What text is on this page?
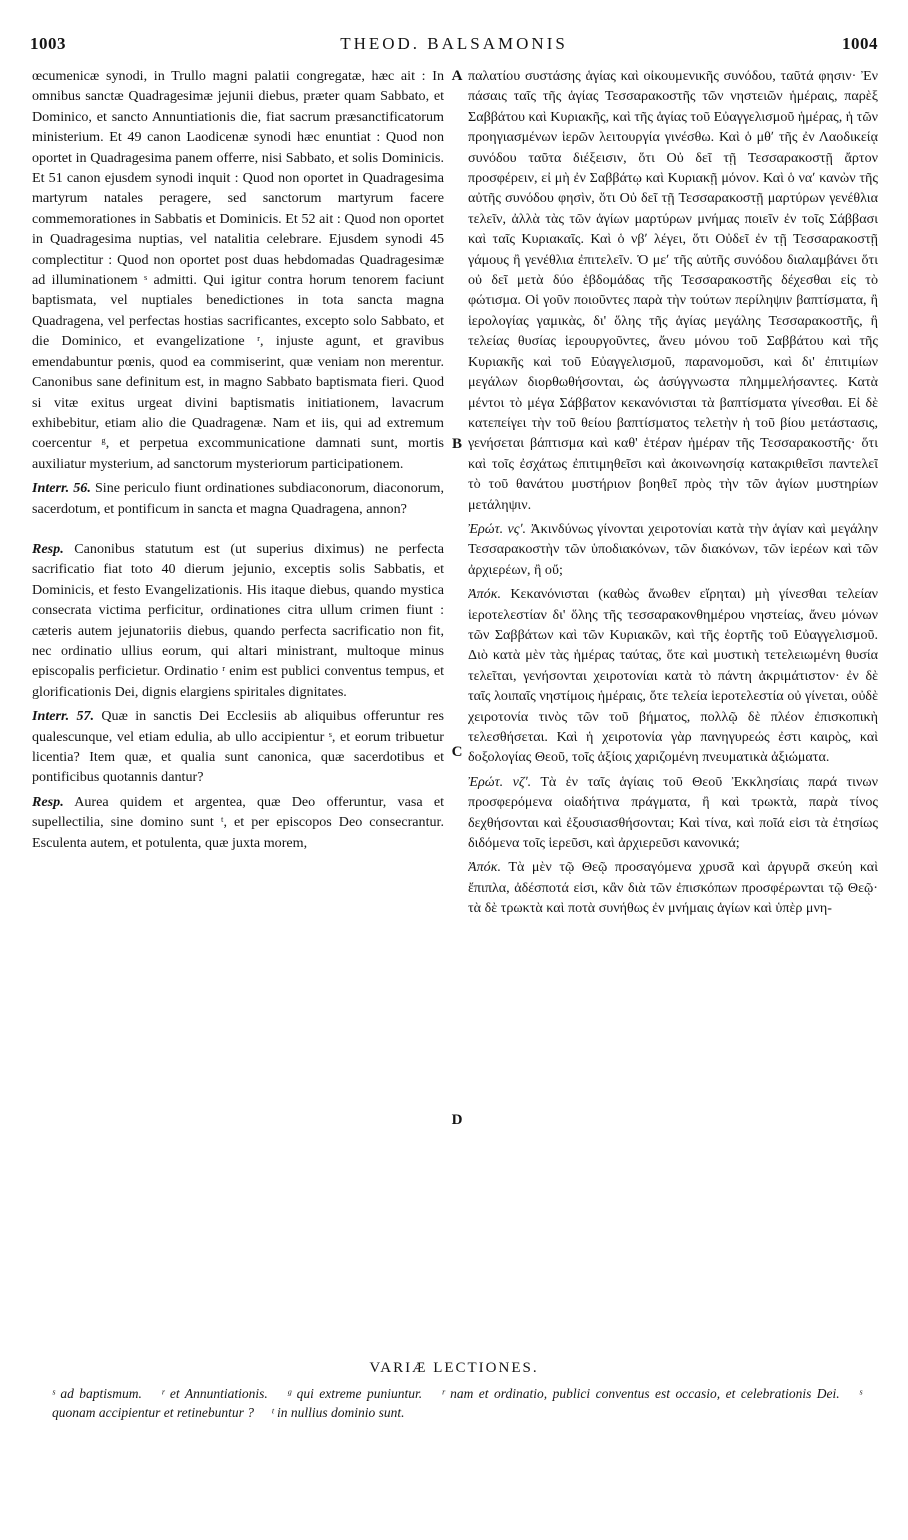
1003	THEOD. BALSAMONIS	1004

œcumenicæ synodi, in Trullo magni palatii congregatæ, hæc ait : In omnibus sanctæ Quadragesimæ jejunii diebus, præter quam Sabbato, et Dominico, et sancto Annuntiationis die, fiat sacrum præsanctificatorum ministerium. Et 49 canon Laodicenæ synodi hæc enuntiat : Quod non oportet in Quadragesima panem offerre, nisi Sabbato, et solis Dominicis. Et 51 canon ejusdem synodi inquit : Quod non oportet in Quadragesima martyrum natales peragere, sed sanctorum martyrum facere commemorationes in Sabbatis et Dominicis. Et 52 ait : Quod non oportet in Quadragesima nuptias, vel natalitia celebrare. Ejusdem synodi 45 complectitur : Quod non oportet post duas hebdomadas Quadragesimæ ad illuminationem ˢ admitti. Qui igitur contra horum tenorem faciunt baptismata, vel nuptiales benedictiones in tota sancta magna Quadragena, vel perfectas hostias sacrificantes, excepto solo Sabbato, et die Dominico, et evangelizatione ʳ, injuste agunt, et gravibus emendabuntur pœnis, quod ea commiserint, quæ veniam non merentur. Canonibus sane definitum est, in magno Sabbato baptismata fieri. Quod si vitæ exitus urgeat divini baptismatis initiationem, lavacrum exhibebitur, etiam alio die Quadragenæ. Nam et iis, qui ad extremum coercentur ᵍ, et perpetua excommunicatione damnati sunt, mortis auxiliatur mysterium, ad sanctorum mysteriorum participationem.

Interr. 56. Sine periculo fiunt ordinationes subdiaconorum, diaconorum, sacerdotum, et pontificum in sancta et magna Quadragena, annon?

Resp. Canonibus statutum est (ut superius diximus) ne perfecta sacrificatio fiat toto 40 dierum jejunio, exceptis solis Sabbatis, et Dominicis, et festo Evangelizationis. His itaque diebus, quando mystica consecrata victima perficitur, ordinationes citra ullum crimen fiunt : cæteris autem jejunatoriis diebus, quando perfecta sacrificatio non fit, nec ordinatio ullius eorum, qui altari ministrant, multoque minus episcopalis perficietur. Ordinatio ʳ enim est publici conventus tempus, et glorificationis Dei, dignis elargiens spiritales dignitates.

Interr. 57. Quæ in sanctis Dei Ecclesiis ab aliquibus offeruntur res qualescunque, vel etiam edulia, ab ullo accipientur ˢ, et eorum tribuetur licentia? Item quæ, et qualia sunt canonica, quæ sacerdotibus et pontificibus quotannis dantur?

Resp. Aurea quidem et argentea, quæ Deo offeruntur, vasa et supellectilia, sine domino sunt ᵗ, et per episcopos Deo consecrantur. Esculenta autem, et potulenta, quæ juxta morem,

A
B
C
D

παλατίου συστάσης ἁγίας καὶ οἰκουμενικῆς συνόδου, ταῦτά φησιν· Ἐν πάσαις ταῖς τῆς ἁγίας Τεσσαρακοστῆς τῶν νηστειῶν ἡμέραις, παρὲξ Σαββάτου καὶ Κυριακῆς, καὶ τῆς ἁγίας τοῦ Εὐαγγελισμοῦ ἡμέρας, ἡ τῶν προηγιασμένων ἱερῶν λειτουργία γινέσθω. Καὶ ὁ μθʹ τῆς ἐν Λαοδικείᾳ συνόδου ταῦτα διέξεισιν, ὅτι Οὐ δεῖ τῇ Τεσσαρακοστῇ ἄρτον προσφέρειν, εἰ μὴ ἐν Σαββάτῳ καὶ Κυριακῇ μόνον. Καὶ ὁ ναʹ κανὼν τῆς αὐτῆς συνόδου φησὶν, ὅτι Οὐ δεῖ τῇ Τεσσαρακοστῇ μαρτύρων γενέθλια τελεῖν, ἀλλὰ τὰς τῶν ἁγίων μαρτύρων μνήμας ποιεῖν ἐν τοῖς Σάββασι καὶ ταῖς Κυριακαῖς. Καὶ ὁ νβʹ λέγει, ὅτι Οὐδεῖ ἐν τῇ Τεσσαρακοστῇ γάμους ἢ γενέθλια ἐπιτελεῖν. Ὁ μεʹ τῆς αὐτῆς συνόδου διαλαμβάνει ὅτι οὐ δεῖ μετὰ δύο ἑβδομάδας τῆς Τεσσαρακοστῆς δέχεσθαι εἰς τὸ φώτισμα. Οἱ γοῦν ποιοῦντες παρὰ τὴν τούτων περίληψιν βαπτίσματα, ἢ ἱερολογίας γαμικὰς, δι' ὅλης τῆς ἁγίας μεγάλης Τεσσαρακοστῆς, ἢ τελείας θυσίας ἱερουργοῦντες, ἄνευ μόνου τοῦ Σαββάτου καὶ τῆς Κυριακῆς καὶ τοῦ Εὐαγγελισμοῦ, παρανομοῦσι, καὶ δι' ἐπιτιμίων μεγάλων διορθωθήσονται, ὡς ἀσύγγνωστα πλημμελήσαντες. Κατὰ μέντοι τὸ μέγα Σάββατον κεκανόνισται τὰ βαπτίσματα γίνεσθαι. Εἰ δὲ κατεπείγει τὴν τοῦ θείου βαπτίσματος τελετὴν ἡ τοῦ βίου μετάστασις, γενήσεται βάπτισμα καὶ καθ' ἑτέραν ἡμέραν τῆς Τεσσαρακοστῆς· ὅτι καὶ τοῖς ἐσχάτως ἐπιτιμηθεῖσι καὶ ἀκοινωνησίᾳ κατακριθεῖσι παντελεῖ τὸ τοῦ θανάτου μυστήριον βοηθεῖ πρὸς τὴν τῶν ἁγίων μυστηρίων μετάληψιν.

Ἐρώτ. νςʹ. Ἀκινδύνως γίνονται χειροτονίαι κατὰ τὴν ἁγίαν καὶ μεγάλην Τεσσαρακοστὴν τῶν ὑποδιακόνων, τῶν διακόνων, τῶν ἱερέων καὶ τῶν ἀρχιερέων, ἢ οὔ;

Ἀπόκ. Κεκανόνισται (καθὼς ἄνωθεν εἴρηται) μὴ γίνεσθαι τελείαν ἱεροτελεστίαν δι' ὅλης τῆς τεσσαρακονθημέρου νηστείας, ἄνευ μόνων τῶν Σαββάτων καὶ τῶν Κυριακῶν, καὶ τῆς ἑορτῆς τοῦ Εὐαγγελισμοῦ. Διὸ κατὰ μὲν τὰς ἡμέρας ταύτας, ὅτε καὶ μυστικὴ τετελειωμένη θυσία τελεῖται, γενήσονται χειροτονίαι κατὰ τὸ πάντη ἀκριμάτιστον· ἐν δὲ ταῖς λοιπαῖς νηστίμοις ἡμέραις, ὅτε τελεία ἱεροτελεστία οὐ γίνεται, οὐδὲ χειροτονία τινὸς τῶν τοῦ βήματος, πολλῷ δὲ πλέον ἐπισκοπικὴ τελεσθήσεται. Καὶ ἡ χειροτονία γὰρ πανηγυρεώς ἐστι καιρὸς, καὶ δοξολογίας Θεοῦ, τοῖς ἀξίοις χαριζομένη πνευματικὰ ἀξιώματα.

Ἐρώτ. νζʹ. Τὰ ἐν ταῖς ἁγίαις τοῦ Θεοῦ Ἐκκλησίαις παρά τινων προσφερόμενα οἱαδήτινα πράγματα, ἢ καὶ τρωκτὰ, παρὰ τίνος δεχθήσονται καὶ ἐξουσιασθήσονται; Καὶ τίνα, καὶ ποῖά εἰσι τὰ ἐτησίως διδόμενα τοῖς ἱερεῦσι, καὶ ἀρχιερεῦσι κανονικά;

Ἀπόκ. Τὰ μὲν τῷ Θεῷ προσαγόμενα χρυσᾶ καὶ ἀργυρᾶ σκεύη καὶ ἔπιπλα, ἀδέσποτά εἰσι, κἂν διὰ τῶν ἐπισκόπων προσφέρωνται τῷ Θεῷ· τὰ δὲ τρωκτὰ καὶ ποτὰ συνήθως ἐν μνήμαις ἁγίων καὶ ὑπὲρ μνη-

VARIÆ LECTIONES.
ˢ ad baptismum. ʳ et Annuntiationis. ᵍ qui extreme puniuntur. ʳ nam et ordinatio, publici conventus est occasio, et celebrationis Dei. ˢ quonam accipientur et retinebuntur ? ᵗ in nullius dominio sunt.
